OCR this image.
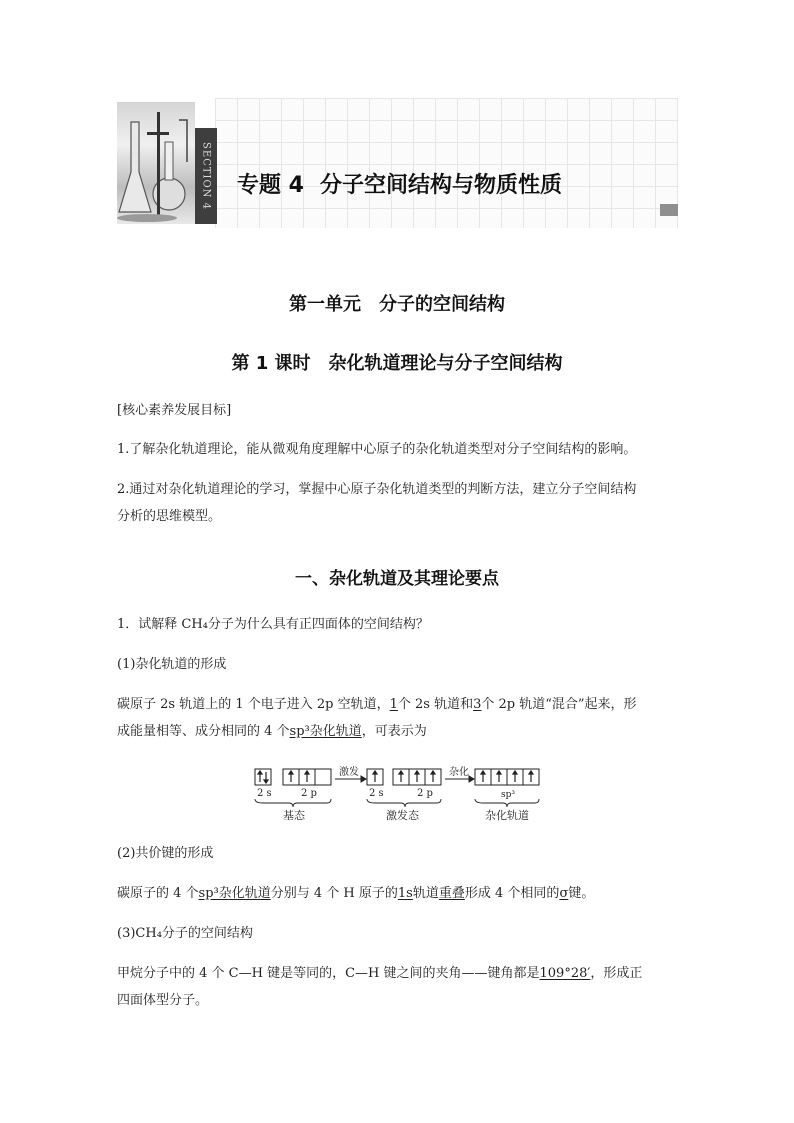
SECTION 4 专题 4 分子空间结构与物质性质
第一单元 分子的空间结构
第 1 课时 杂化轨道理论与分子空间结构
[核心素养发展目标]
1.了解杂化轨道理论，能从微观角度理解中心原子的杂化轨道类型对分子空间结构的影响。
2.通过对杂化轨道理论的学习，掌握中心原子杂化轨道类型的判断方法，建立分子空间结构
分析的思维模型。
一、杂化轨道及其理论要点
1．试解释 CH₄分子为什么具有正四面体的空间结构？
(1)杂化轨道的形成
碳原子 2s 轨道上的 1 个电子进入 2p 空轨道，1个 2s 轨道和3个 2p 轨道“混合”起来，形
成能量相等、成分相同的 4 个sp³杂化轨道，可表示为
2 s	2 p	2 s	2 p
激发	杂化
sp³
基态	激发态	杂化轨道
(2)共价键的形成
碳原子的 4 个sp³杂化轨道分别与 4 个 H 原子的1s轨道重叠形成 4 个相同的σ键。
(3)CH₄分子的空间结构
甲烷分子中的 4 个 C—H 键是等同的，C—H 键之间的夹角——键角都是109°28′，形成正
四面体型分子。
